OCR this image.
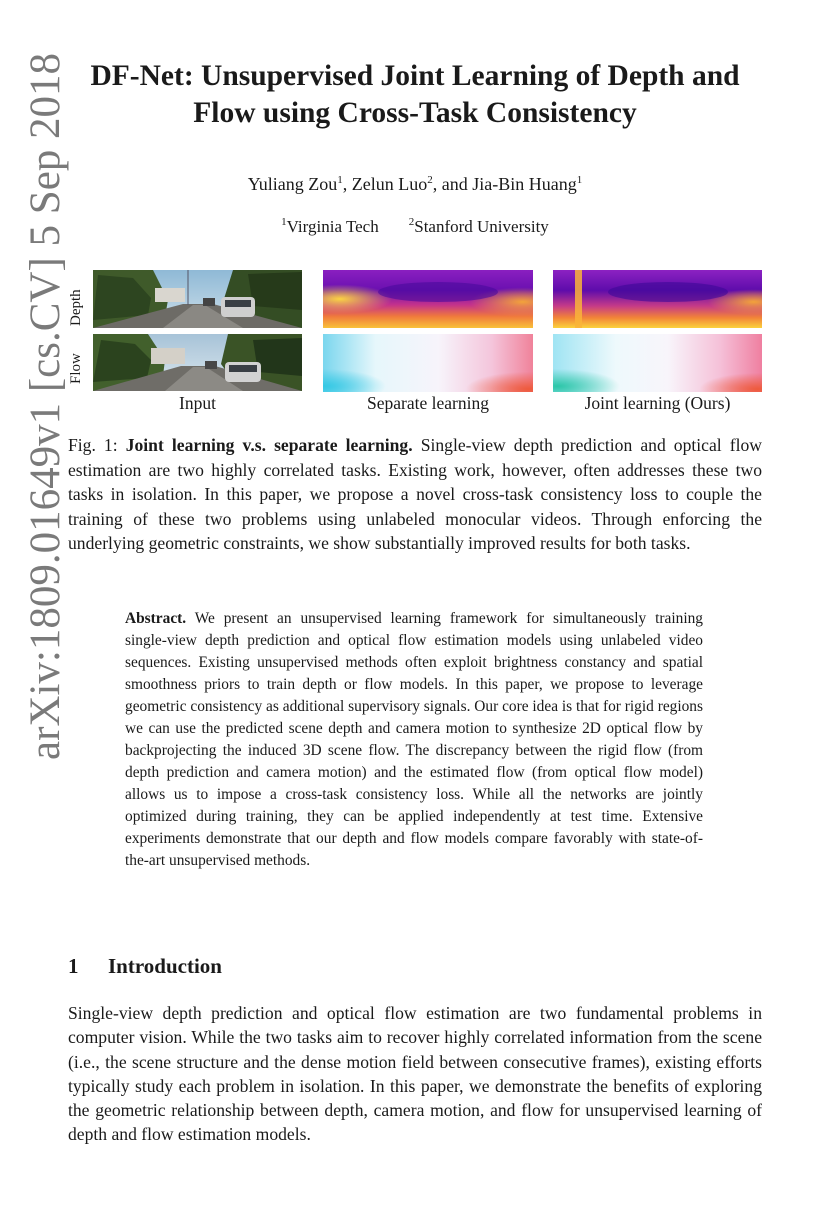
arXiv:1809.01649v1 [cs.CV] 5 Sep 2018 DF-Net: Unsupervised Joint Learning of Depth and Flow using Cross-Task Consistency
Yuliang Zou$^1$, Zelun Luo$^2$, and Jia-Bin Huang$^1$
$^1$Virginia Tech	$^2$Stanford University
Depth
Flow
Input	Separate learning	Joint learning (Ours)
Fig. 1: Joint learning v.s. separate learning. Single-view depth prediction and optical flow estimation are two highly correlated tasks. Existing work, however, often addresses these two tasks in isolation. In this paper, we propose a novel cross-task consistency loss to couple the training of these two problems using unlabeled monocular videos. Through enforcing the underlying geometric constraints, we show substantially improved results for both tasks.
Abstract. We present an unsupervised learning framework for simultaneously training single-view depth prediction and optical flow estimation models using unlabeled video sequences. Existing unsupervised methods often exploit brightness constancy and spatial smoothness priors to train depth or flow models. In this paper, we propose to leverage geometric consistency as additional supervisory signals. Our core idea is that for rigid regions we can use the predicted scene depth and camera motion to synthesize 2D optical flow by backprojecting the induced 3D scene flow. The discrepancy between the rigid flow (from depth prediction and camera motion) and the estimated flow (from optical flow model) allows us to impose a cross-task consistency loss. While all the networks are jointly optimized during training, they can be applied independently at test time. Extensive experiments demonstrate that our depth and flow models compare favorably with state-of-the-art unsupervised methods.
1 Introduction
Single-view depth prediction and optical flow estimation are two fundamental problems in computer vision. While the two tasks aim to recover highly correlated information from the scene (i.e., the scene structure and the dense motion field between consecutive frames), existing efforts typically study each problem in isolation. In this paper, we demonstrate the benefits of exploring the geometric relationship between depth, camera motion, and flow for unsupervised learning of depth and flow estimation models.
